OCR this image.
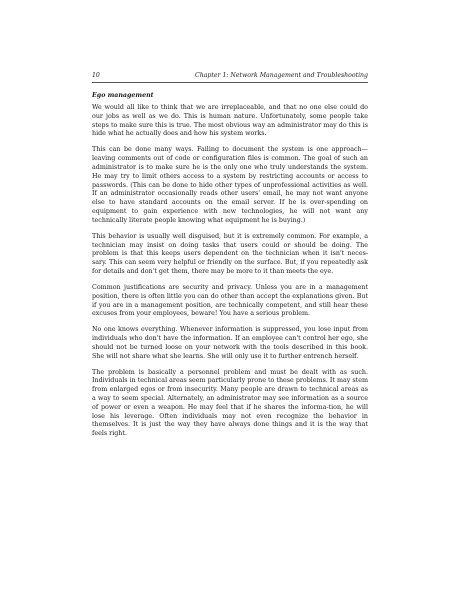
10	Chapter 1: Network Management and Troubleshooting
Ego management

We would all like to think that we are irreplaceable, and that no one else could do our jobs as well as we do. This is human nature. Unfortunately, some people take steps to make sure this is true. The most obvious way an administrator may do this is hide what he actually does and how his system works.

This can be done many ways. Failing to document the system is one approach— leaving comments out of code or configuration files is common. The goal of such an administrator is to make sure he is the only one who truly understands the system. He may try to limit others access to a system by restricting accounts or access to passwords. (This can be done to hide other types of unprofessional activities as well. If an administrator occasionally reads other users' email, he may not want anyone else to have standard accounts on the email server. If he is over-spending on equipment to gain experience with new technologies, he will not want any technically literate people knowing what equipment he is buying.)

This behavior is usually well disguised, but it is extremely common. For example, a technician may insist on doing tasks that users could or should be doing. The problem is that this keeps users dependent on the technician when it isn't neces-sary. This can seem very helpful or friendly on the surface. But, if you repeatedly ask for details and don't get them, there may be more to it than meets the eye.

Common justifications are security and privacy. Unless you are in a management position, there is often little you can do other than accept the explanations given. But if you are in a management position, are technically competent, and still hear these excuses from your employees, beware! You have a serious problem.

No one knows everything. Whenever information is suppressed, you lose input from individuals who don't have the information. If an employee can't control her ego, she should not be turned loose on your network with the tools described in this book. She will not share what she learns. She will only use it to further entrench herself.

The problem is basically a personnel problem and must be dealt with as such. Individuals in technical areas seem particularly prone to these problems. It may stem from enlarged egos or from insecurity. Many people are drawn to technical areas as a way to seem special. Alternately, an administrator may see information as a source of power or even a weapon. He may feel that if he shares the informa-tion, he will lose his leverage. Often individuals may not even recognize the behavior in themselves. It is just the way they have always done things and it is the way that feels right.
